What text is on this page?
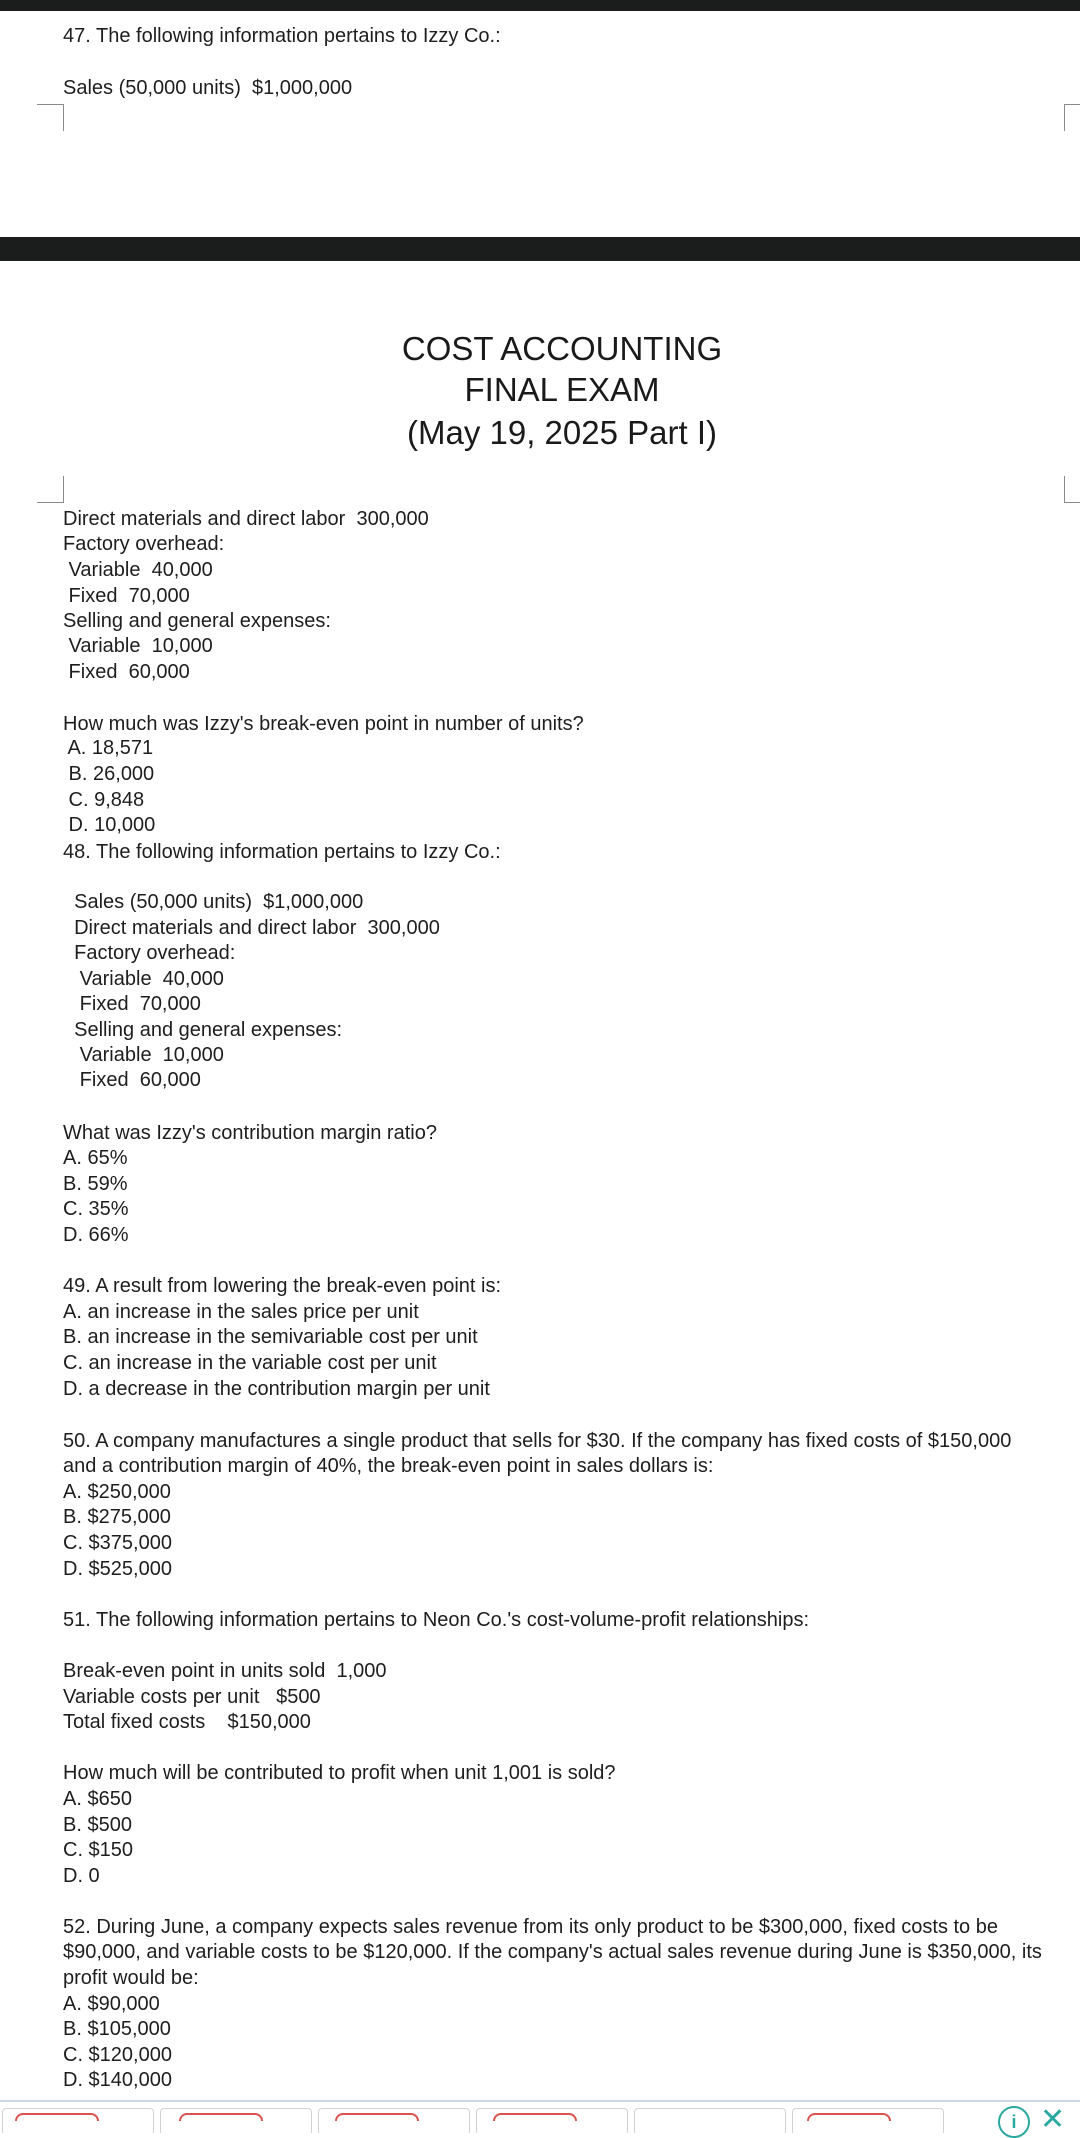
47. The following information pertains to Izzy Co.:
Sales (50,000 units)  $1,000,000
COST ACCOUNTING
FINAL EXAM
(May 19, 2025 Part I)
Direct materials and direct labor  300,000
Factory overhead:
Variable  40,000
Fixed  70,000
Selling and general expenses:
Variable  10,000
Fixed  60,000
How much was Izzy's break-even point in number of units?
A. 18,571
B. 26,000
C. 9,848
D. 10,000
48. The following information pertains to Izzy Co.:
Sales (50,000 units)  $1,000,000
Direct materials and direct labor  300,000
Factory overhead:
Variable  40,000
Fixed  70,000
Selling and general expenses:
Variable  10,000
Fixed  60,000
What was Izzy's contribution margin ratio?
A. 65%
B. 59%
C. 35%
D. 66%
49. A result from lowering the break-even point is:
A. an increase in the sales price per unit
B. an increase in the semivariable cost per unit
C. an increase in the variable cost per unit
D. a decrease in the contribution margin per unit
50. A company manufactures a single product that sells for $30. If the company has fixed costs of $150,000
and a contribution margin of 40%, the break-even point in sales dollars is:
A. $250,000
B. $275,000
C. $375,000
D. $525,000
51. The following information pertains to Neon Co.'s cost-volume-profit relationships:
Break-even point in units sold  1,000
Variable costs per unit   $500
Total fixed costs    $150,000
How much will be contributed to profit when unit 1,001 is sold?
A. $650
B. $500
C. $150
D. 0
52. During June, a company expects sales revenue from its only product to be $300,000, fixed costs to be
$90,000, and variable costs to be $120,000. If the company's actual sales revenue during June is $350,000, its
profit would be:
A. $90,000
B. $105,000
C. $120,000
D. $140,000
i ✕
